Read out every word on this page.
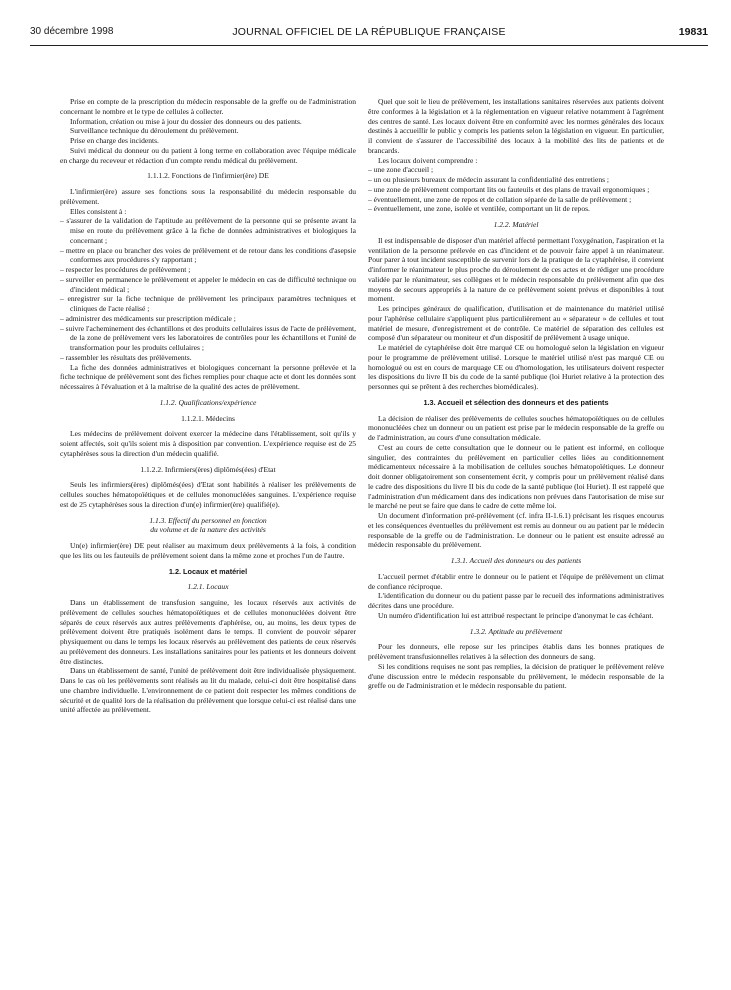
30 décembre 1998	JOURNAL OFFICIEL DE LA RÉPUBLIQUE FRANÇAISE	19831

Prise en compte de la prescription du médecin responsable de la greffe ou de l'administration concernant le nombre et le type de cellules à collecter.

Information, création ou mise à jour du dossier des donneurs ou des patients.

Surveillance technique du déroulement du prélèvement.

Prise en charge des incidents.

Suivi médical du donneur ou du patient à long terme en collaboration avec l'équipe médicale en charge du receveur et rédaction d'un compte rendu médical du prélèvement.

1.1.1.2. Fonctions de l'infirmier(ère) DE

L'infirmier(ère) assure ses fonctions sous la responsabilité du médecin responsable du prélèvement.

Elles consistent à :

– s'assurer de la validation de l'aptitude au prélèvement de la personne qui se présente avant la mise en route du prélèvement grâce à la fiche de données administratives et biologiques la concernant ;

– mettre en place ou brancher des voies de prélèvement et de retour dans les conditions d'asepsie conformes aux procédures s'y rapportant ;

– respecter les procédures de prélèvement ;

– surveiller en permanence le prélèvement et appeler le médecin en cas de difficulté technique ou d'incident médical ;

– enregistrer sur la fiche technique de prélèvement les principaux paramètres techniques et cliniques de l'acte réalisé ;

– administrer des médicaments sur prescription médicale ;

– suivre l'acheminement des échantillons et des produits cellulaires issus de l'acte de prélèvement, de la zone de prélèvement vers les laboratoires de contrôles pour les échantillons et l'unité de transformation pour les produits cellulaires ;

– rassembler les résultats des prélèvements.

La fiche des données administratives et biologiques concernant la personne prélevée et la fiche technique de prélèvement sont des fiches remplies pour chaque acte et dont les données sont nécessaires à l'évaluation et à la maîtrise de la qualité des actes de prélèvement.

1.1.2. Qualifications/expérience

1.1.2.1. Médecins

Les médecins de prélèvement doivent exercer la médecine dans l'établissement, soit qu'ils y soient affectés, soit qu'ils soient mis à disposition par convention. L'expérience requise est de 25 cytaphérèses sous la direction d'un médecin qualifié.

1.1.2.2. Infirmiers(ères) diplômés(ées) d'Etat

Seuls les infirmiers(ères) diplômés(ées) d'Etat sont habilités à réaliser les prélèvements de cellules souches hématopoïétiques et de cellules mononucléées sanguines. L'expérience requise est de 25 cytaphérèses sous la direction d'un(e) infirmier(ère) qualifié(e).

1.1.3. Effectif du personnel en fonction
du volume et de la nature des activités

Un(e) infirmier(ère) DE peut réaliser au maximum deux prélèvements à la fois, à condition que les lits ou les fauteuils de prélèvement soient dans la même zone et proches l'un de l'autre.

1.2. Locaux et matériel

1.2.1. Locaux

Dans un établissement de transfusion sanguine, les locaux réservés aux activités de prélèvement de cellules souches hématopoïétiques et de cellules mononucléées doivent être séparés de ceux réservés aux autres prélèvements d'aphérèse, ou, au moins, les deux types de prélèvement doivent être pratiqués isolément dans le temps. Il convient de pouvoir séparer physiquement ou dans le temps les locaux réservés au prélèvement des patients de ceux réservés au prélèvement des donneurs. Les installations sanitaires pour les patients et les donneurs doivent être distinctes.

Dans un établissement de santé, l'unité de prélèvement doit être individualisée physiquement. Dans le cas où les prélèvements sont réalisés au lit du malade, celui-ci doit être hospitalisé dans une chambre individuelle. L'environnement de ce patient doit respecter les mêmes conditions de sécurité et de qualité lors de la réalisation du prélèvement que lorsque celui-ci est réalisé dans une unité affectée au prélèvement.

Quel que soit le lieu de prélèvement, les installations sanitaires réservées aux patients doivent être conformes à la législation et à la réglementation en vigueur relative notamment à l'agrément des centres de santé. Les locaux doivent être en conformité avec les normes générales des locaux destinés à accueillir le public y compris les patients selon la législation en vigueur. En particulier, il convient de s'assurer de l'accessibilité des locaux à la mobilité des lits de patients et de brancards.

Les locaux doivent comprendre :

– une zone d'accueil ;

– un ou plusieurs bureaux de médecin assurant la confidentialité des entretiens ;

– une zone de prélèvement comportant lits ou fauteuils et des plans de travail ergonomiques ;

– éventuellement, une zone de repos et de collation séparée de la salle de prélèvement ;

– éventuellement, une zone, isolée et ventilée, comportant un lit de repos.

1.2.2. Matériel

Il est indispensable de disposer d'un matériel affecté permettant l'oxygénation, l'aspiration et la ventilation de la personne prélevée en cas d'incident et de pouvoir faire appel à un réanimateur. Pour parer à tout incident susceptible de survenir lors de la pratique de la cytaphérèse, il convient d'informer le réanimateur le plus proche du déroulement de ces actes et de rédiger une procédure validée par le réanimateur, ses collègues et le médecin responsable du prélèvement afin que des moyens de secours appropriés à la nature de ce prélèvement soient prévus et disponibles à tout moment.

Les principes généraux de qualification, d'utilisation et de maintenance du matériel utilisé pour l'aphérèse cellulaire s'appliquent plus particulièrement au « séparateur » de cellules et tout matériel de mesure, d'enregistrement et de contrôle. Ce matériel de séparation des cellules est composé d'un séparateur ou moniteur et d'un dispositif de prélèvement à usage unique.

Le matériel de cytaphérèse doit être marqué CE ou homologué selon la législation en vigueur pour le programme de prélèvement utilisé. Lorsque le matériel utilisé n'est pas marqué CE ou homologué ou est en cours de marquage CE ou d'homologation, les utilisateurs doivent respecter les dispositions du livre II bis du code de la santé publique (loi Huriet relative à la protection des personnes qui se prêtent à des recherches biomédicales).

1.3. Accueil et sélection des donneurs et des patients

La décision de réaliser des prélèvements de cellules souches hématopoïétiques ou de cellules mononucléées chez un donneur ou un patient est prise par le médecin responsable de la greffe ou de l'administration, au cours d'une consultation médicale.

C'est au cours de cette consultation que le donneur ou le patient est informé, en colloque singulier, des contraintes du prélèvement en particulier celles liées au conditionnement médicamenteux nécessaire à la mobilisation de cellules souches hématopoïétiques. Le donneur doit donner obligatoirement son consentement écrit, y compris pour un prélèvement réalisé dans le cadre des dispositions du livre II bis du code de la santé publique (loi Huriet). Il est rappelé que l'administration d'un médicament dans des indications non prévues dans l'autorisation de mise sur le marché ne peut se faire que dans le cadre de cette même loi.

Un document d'information pré-prélèvement (cf. infra II-1.6.1) précisant les risques encourus et les conséquences éventuelles du prélèvement est remis au donneur ou au patient par le médecin responsable de la greffe ou de l'administration. Le donneur ou le patient est ensuite adressé au médecin responsable du prélèvement.

1.3.1. Accueil des donneurs ou des patients

L'accueil permet d'établir entre le donneur ou le patient et l'équipe de prélèvement un climat de confiance réciproque.

L'identification du donneur ou du patient passe par le recueil des informations administratives décrites dans une procédure.

Un numéro d'identification lui est attribué respectant le principe d'anonymat le cas échéant.

1.3.2. Aptitude au prélèvement

Pour les donneurs, elle repose sur les principes établis dans les bonnes pratiques de prélèvement transfusionnelles relatives à la sélection des donneurs de sang.

Si les conditions requises ne sont pas remplies, la décision de pratiquer le prélèvement relève d'une discussion entre le médecin responsable du prélèvement, le médecin responsable de la greffe ou de l'administration et le médecin responsable du patient.
